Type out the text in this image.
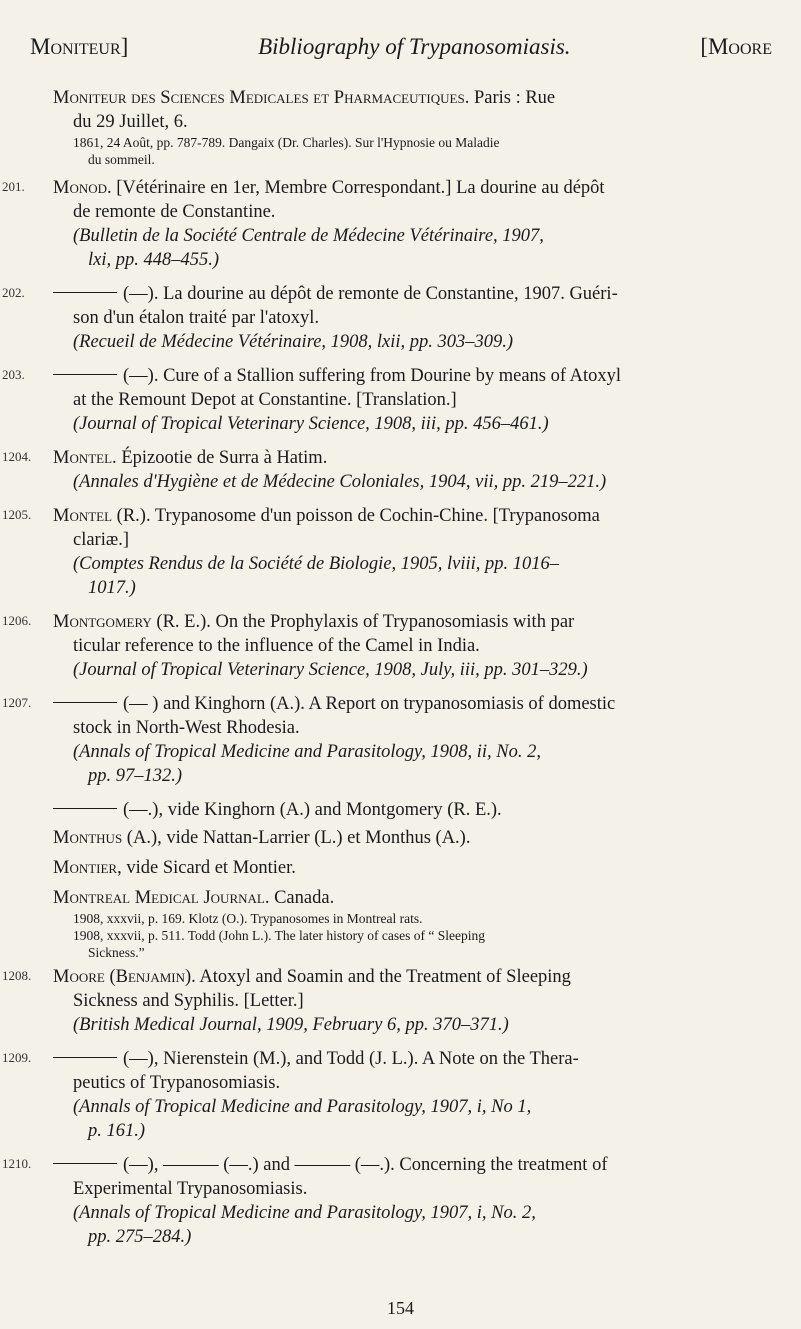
Moniteur]	Bibliography of Trypanosomiasis.	[Moore
Moniteur des Sciences Medicales et Pharmaceutiques. Paris : Rue
du 29 Juillet, 6.
1861, 24 Août, pp. 787-789. Dangaix (Dr. Charles). Sur l'Hypnosie ou Maladie
du sommeil.
201.	Monod. [Vétérinaire en 1er, Membre Correspondant.] La dourine au dépôt
de remonte de Constantine.
(Bulletin de la Société Centrale de Médecine Vétérinaire, 1907,
lxi, pp. 448–455.)
202.	(—). La dourine au dépôt de remonte de Constantine, 1907. Guéri-
son d'un étalon traité par l'atoxyl.
(Recueil de Médecine Vétérinaire, 1908, lxii, pp. 303–309.)
203.	(—). Cure of a Stallion suffering from Dourine by means of Atoxyl
at the Remount Depot at Constantine. [Translation.]
(Journal of Tropical Veterinary Science, 1908, iii, pp. 456–461.)
1204.	Montel. Épizootie de Surra à Hatim.
(Annales d'Hygiène et de Médecine Coloniales, 1904, vii, pp. 219–221.)
1205.	Montel (R.). Trypanosome d'un poisson de Cochin-Chine. [Trypanosoma
clariæ.]
(Comptes Rendus de la Société de Biologie, 1905, lviii, pp. 1016–
1017.)
1206.	Montgomery (R. E.). On the Prophylaxis of Trypanosomiasis with par
ticular reference to the influence of the Camel in India.
(Journal of Tropical Veterinary Science, 1908, July, iii, pp. 301–329.)
1207.	(— ) and Kinghorn (A.). A Report on trypanosomiasis of domestic
stock in North-West Rhodesia.
(Annals of Tropical Medicine and Parasitology, 1908, ii, No. 2,
pp. 97–132.)
(—.), vide Kinghorn (A.) and Montgomery (R. E.).
Monthus (A.), vide Nattan-Larrier (L.) et Monthus (A.).
Montier, vide Sicard et Montier.
Montreal Medical Journal. Canada.
1908, xxxvii, p. 169. Klotz (O.). Trypanosomes in Montreal rats.
1908, xxxvii, p. 511. Todd (John L.). The later history of cases of “ Sleeping
Sickness.”
1208.	Moore (Benjamin). Atoxyl and Soamin and the Treatment of Sleeping
Sickness and Syphilis. [Letter.]
(British Medical Journal, 1909, February 6, pp. 370–371.)
1209.	(—), Nierenstein (M.), and Todd (J. L.). A Note on the Thera-
peutics of Trypanosomiasis.
(Annals of Tropical Medicine and Parasitology, 1907, i, No 1,
p. 161.)
1210.	(—), ——— (—.) and ——— (—.). Concerning the treatment of
Experimental Trypanosomiasis.
(Annals of Tropical Medicine and Parasitology, 1907, i, No. 2,
pp. 275–284.)
154
